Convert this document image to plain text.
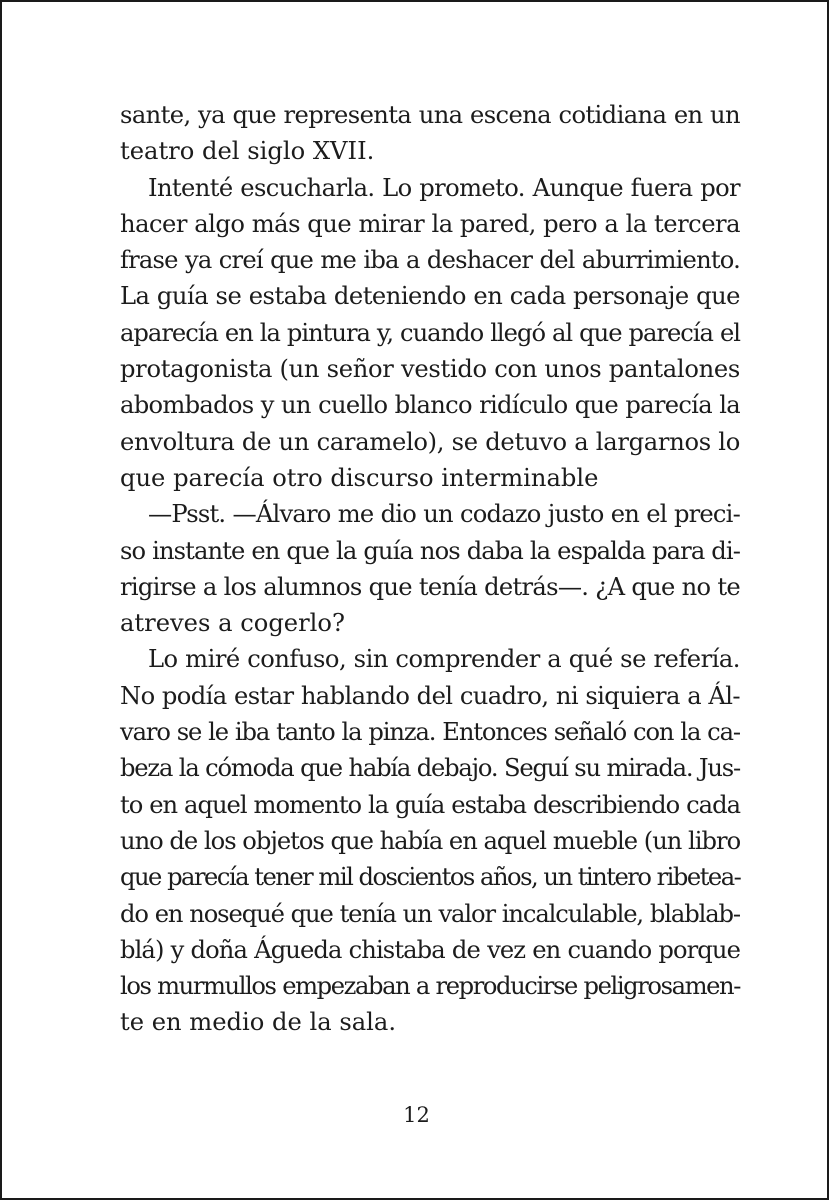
sante, ya que representa una escena cotidiana en un
teatro del siglo XVII.
Intenté escucharla. Lo prometo. Aunque fuera por
hacer algo más que mirar la pared, pero a la tercera
frase ya creí que me iba a deshacer del aburrimiento.
La guía se estaba deteniendo en cada personaje que
aparecía en la pintura y, cuando llegó al que parecía el
protagonista (un señor vestido con unos pantalones
abombados y un cuello blanco ridículo que parecía la
envoltura de un caramelo), se detuvo a largarnos lo
que parecía otro discurso interminable
—Psst. —Álvaro me dio un codazo justo en el preci-
so instante en que la guía nos daba la espalda para di-
rigirse a los alumnos que tenía detrás—. ¿A que no te
atreves a cogerlo?
Lo miré confuso, sin comprender a qué se refería.
No podía estar hablando del cuadro, ni siquiera a Ál-
varo se le iba tanto la pinza. Entonces señaló con la ca-
beza la cómoda que había debajo. Seguí su mirada. Jus-
to en aquel momento la guía estaba describiendo cada
uno de los objetos que había en aquel mueble (un libro
que parecía tener mil doscientos años, un tintero ribetea-
do en nosequé que tenía un valor incalculable, blablab-
blá) y doña Águeda chistaba de vez en cuando porque
los murmullos empezaban a reproducirse peligrosamen-
te en medio de la sala.
12
